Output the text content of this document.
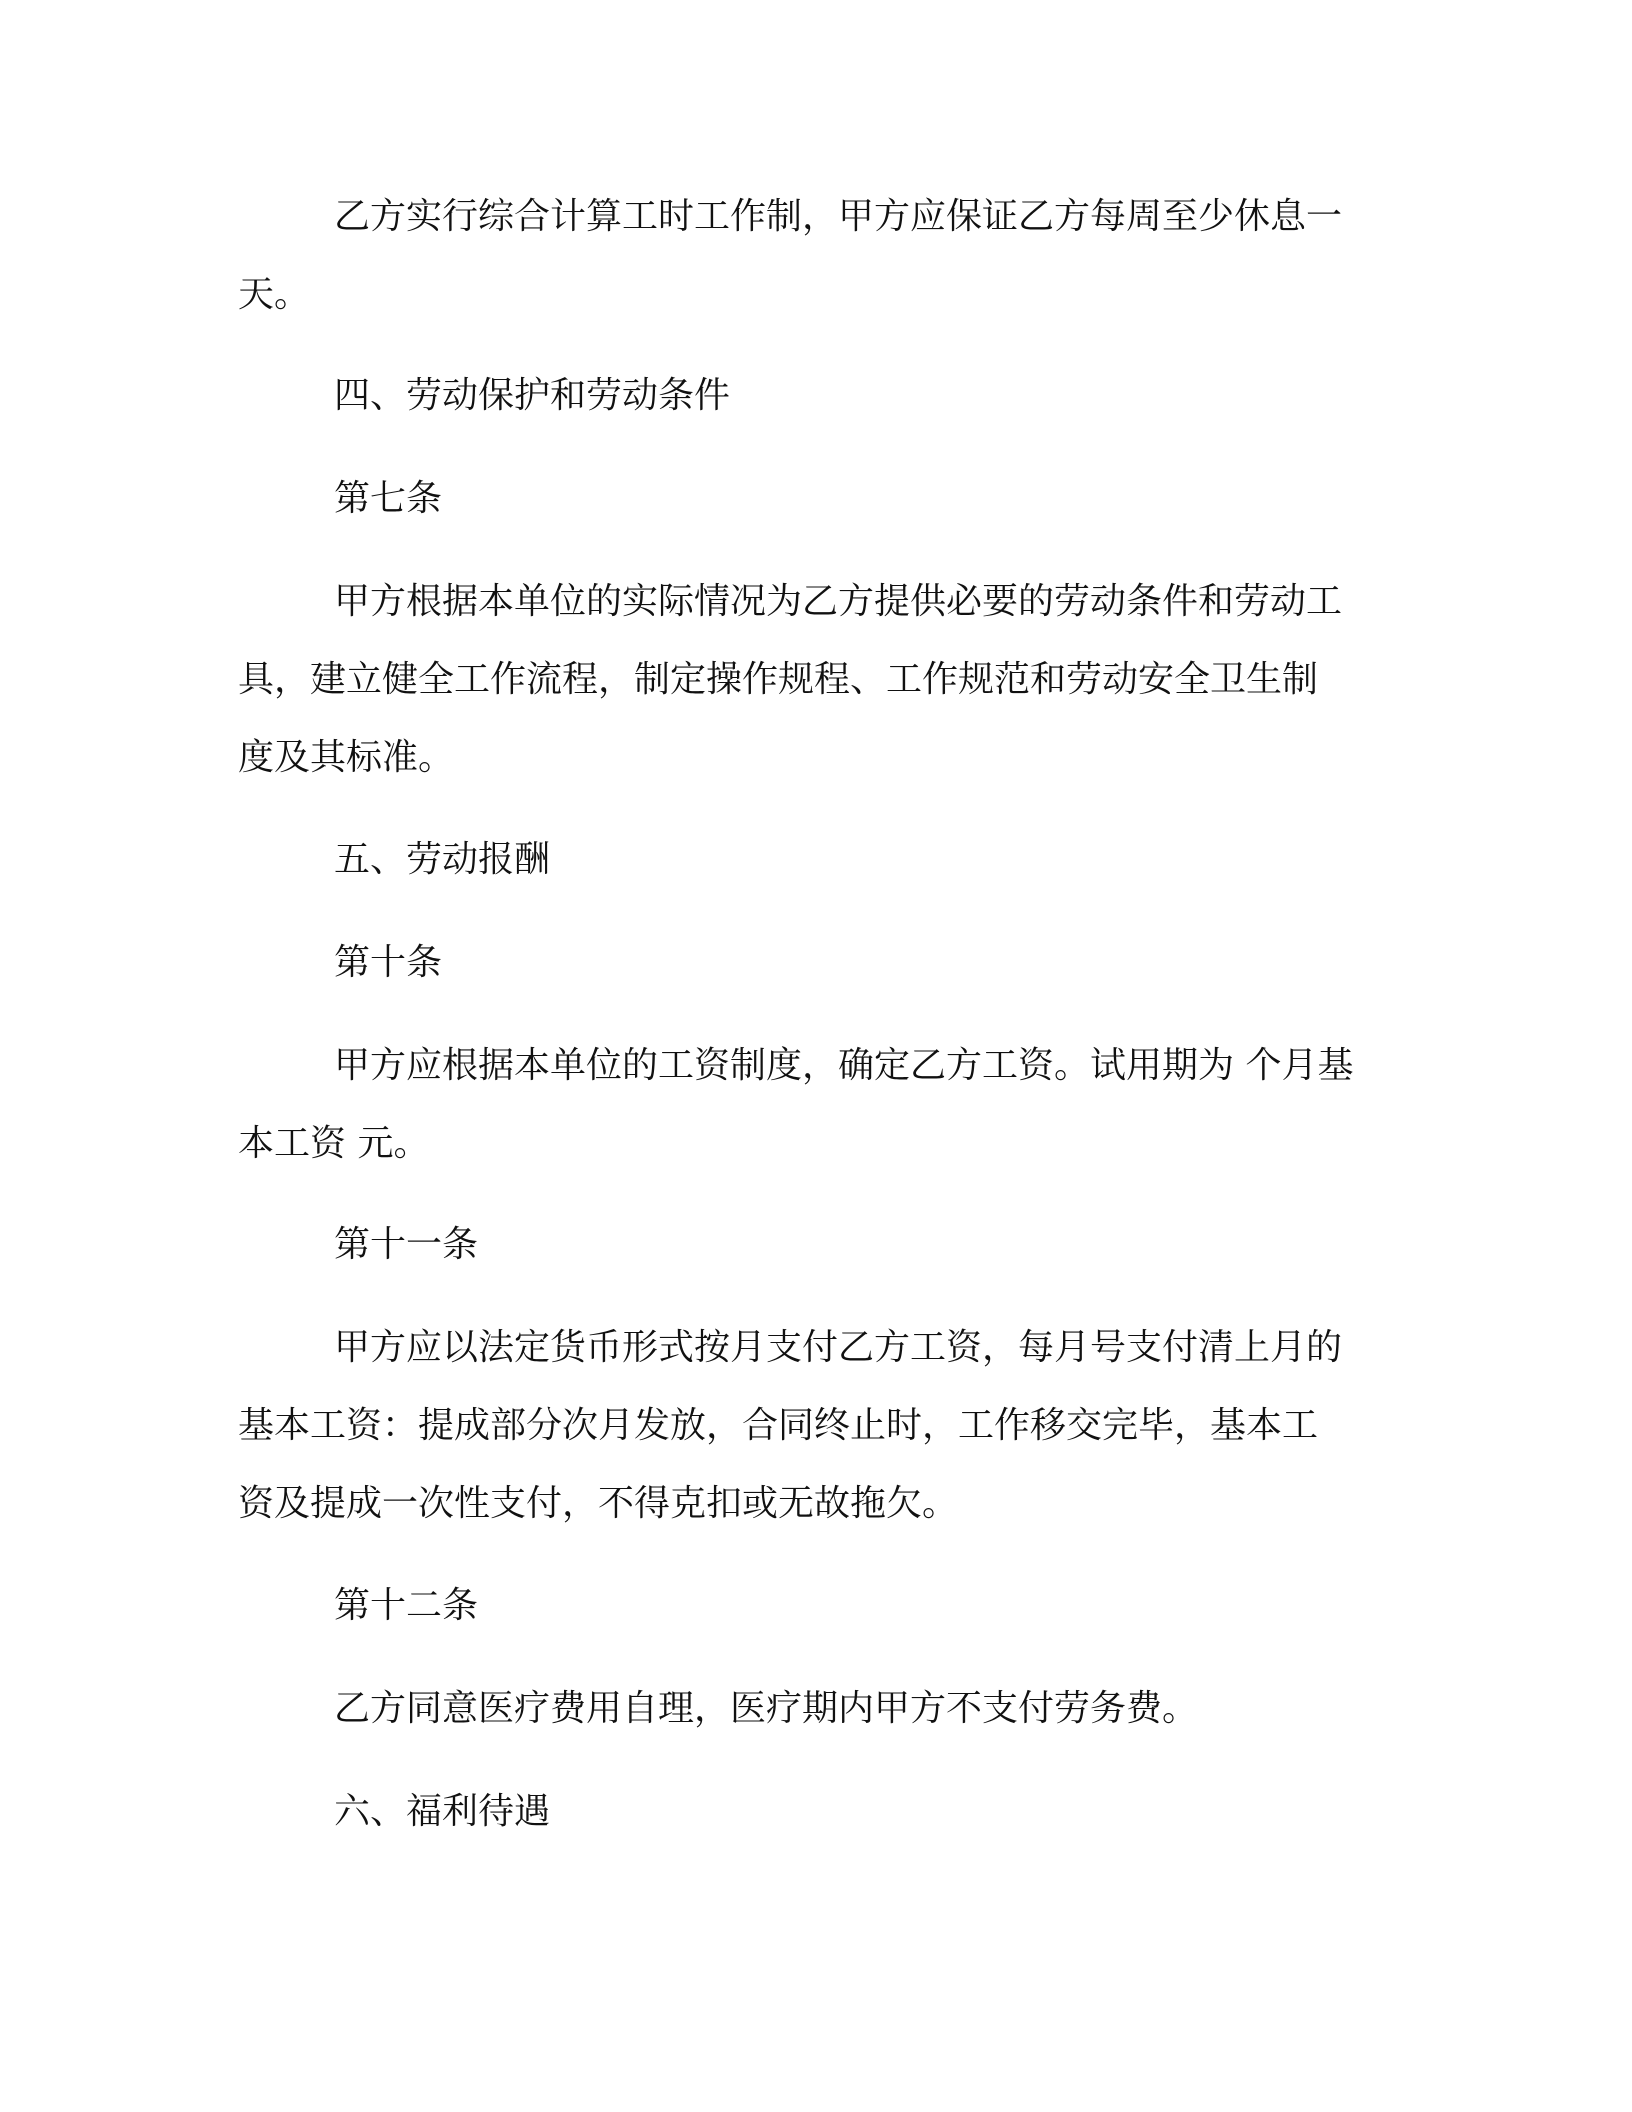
乙方实行综合计算工时工作制，甲方应保证乙方每周至少休息一
天。

四、劳动保护和劳动条件

第七条

甲方根据本单位的实际情况为乙方提供必要的劳动条件和劳动工
具，建立健全工作流程，制定操作规程、工作规范和劳动安全卫生制
度及其标准。

五、劳动报酬

第十条

甲方应根据本单位的工资制度，确定乙方工资。试用期为 个月基
本工资 元。

第十一条

甲方应以法定货币形式按月支付乙方工资，每月号支付清上月的
基本工资：提成部分次月发放，合同终止时，工作移交完毕，基本工
资及提成一次性支付，不得克扣或无故拖欠。

第十二条

乙方同意医疗费用自理，医疗期内甲方不支付劳务费。

六、福利待遇
